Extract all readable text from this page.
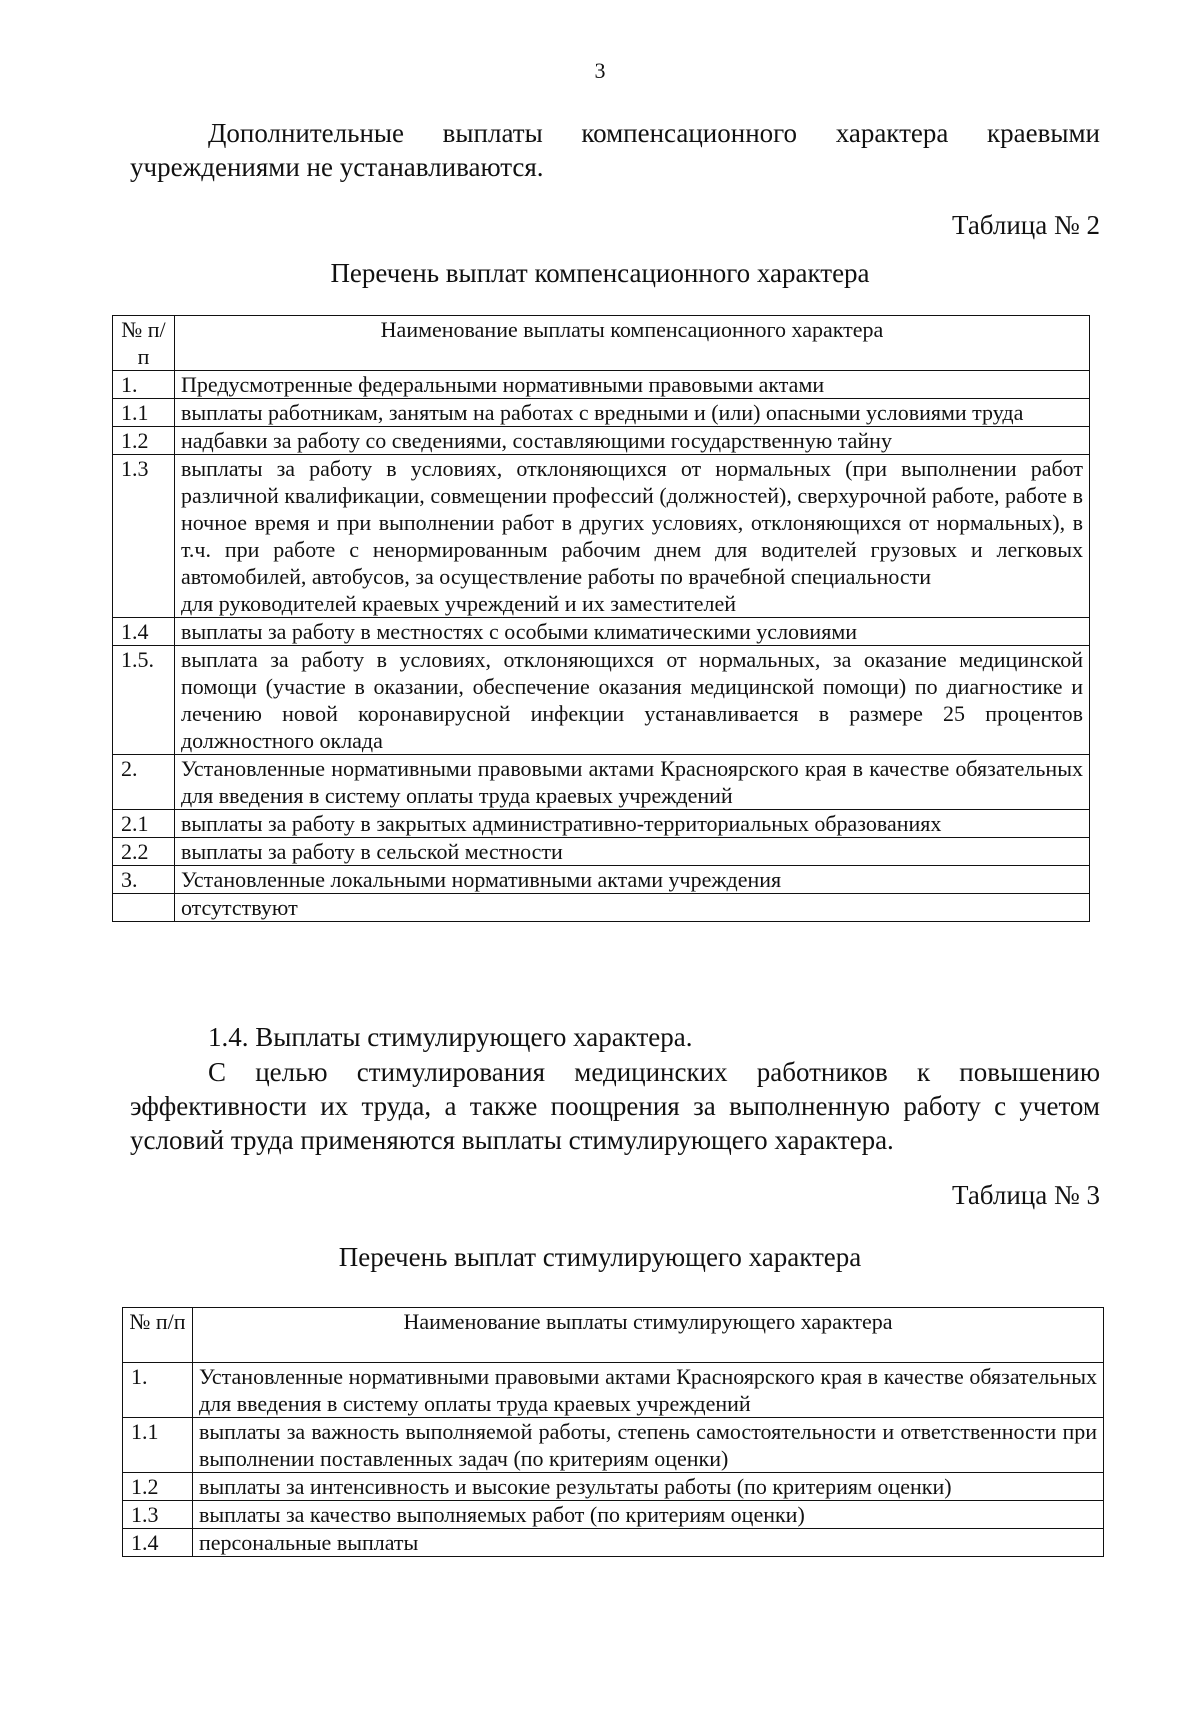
3

Дополнительные выплаты компенсационного характера краевыми учреждениями не устанавливаются.

Таблица № 2
Перечень выплат компенсационного характера
№ п/п	Наименование выплаты компенсационного характера
1.	Предусмотренные федеральными нормативными правовыми актами
1.1	выплаты работникам, занятым на работах с вредными и (или) опасными условиями труда
1.2	надбавки за работу со сведениями, составляющими государственную тайну
1.3	выплаты за работу в условиях, отклоняющихся от нормальных (при выполнении работ различной квалификации, совмещении профессий (должностей), сверхурочной работе, работе в ночное время и при выполнении работ в других условиях, отклоняющихся от нормальных), в т.ч. при работе с ненормированным рабочим днем для водителей грузовых и легковых автомобилей, автобусов, за осуществление работы по врачебной специальности
для руководителей краевых учреждений и их заместителей

1.4	выплаты за работу в местностях с особыми климатическими условиями
1.5.	выплата за работу в условиях, отклоняющихся от нормальных, за оказание медицинской помощи (участие в оказании, обеспечение оказания медицинской помощи) по диагностике и лечению новой коронавирусной инфекции устанавливается в размере 25 процентов должностного оклада
2.	Установленные нормативными правовыми актами Красноярского края в качестве обязательных для введения в систему оплаты труда краевых учреждений
2.1	выплаты за работу в закрытых административно-территориальных образованиях
2.2	выплаты за работу в сельской местности
3.	Установленные локальными нормативными актами учреждения
	отсутствуют
1.4. Выплаты стимулирующего характера.

С целью стимулирования медицинских работников к повышению эффективности их труда, а также поощрения за выполненную работу с учетом условий труда применяются выплаты стимулирующего характера.

Таблица № 3
Перечень выплат стимулирующего характера
№ п/п	Наименование выплаты стимулирующего характера
1.	Установленные нормативными правовыми актами Красноярского края в качестве обязательных для введения в систему оплаты труда краевых учреждений
1.1	выплаты за важность выполняемой работы, степень самостоятельности и ответственности при выполнении поставленных задач (по критериям оценки)
1.2	выплаты за интенсивность и высокие результаты работы (по критериям оценки)
1.3	выплаты за качество выполняемых работ (по критериям оценки)
1.4	персональные выплаты
